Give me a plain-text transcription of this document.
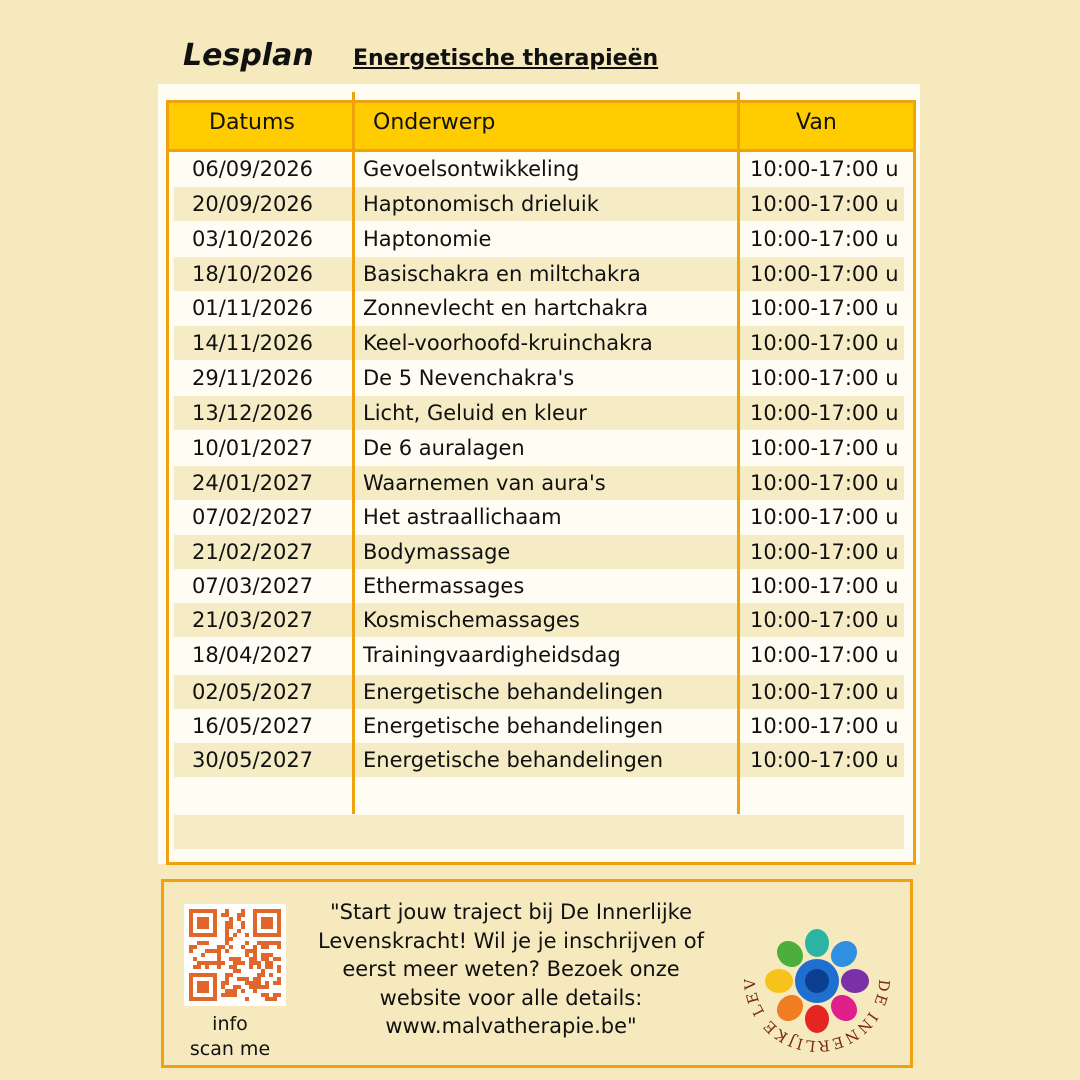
Lesplan Energetische therapieën
06/09/2026 Gevoelsontwikkeling	10:00-17:00 u
20/09/2026 Haptonomisch drieluik	10:00-17:00 u
03/10/2026 Haptonomie	10:00-17:00 u
18/10/2026 Basischakra en miltchakra	10:00-17:00 u
01/11/2026 Zonnevlecht en hartchakra	10:00-17:00 u
14/11/2026 Keel-voorhoofd-kruinchakra	10:00-17:00 u
29/11/2026 De 5 Nevenchakra's	10:00-17:00 u
13/12/2026 Licht, Geluid en kleur	10:00-17:00 u
10/01/2027 De 6 auralagen	10:00-17:00 u
24/01/2027 Waarnemen van aura's	10:00-17:00 u
07/02/2027 Het astraallichaam	10:00-17:00 u
21/02/2027 Bodymassage	10:00-17:00 u
07/03/2027 Ethermassages	10:00-17:00 u
21/03/2027 Kosmischemassages	10:00-17:00 u
18/04/2027 Trainingvaardigheidsdag	10:00-17:00 u
02/05/2027 Energetische behandelingen	10:00-17:00 u
16/05/2027 Energetische behandelingen	10:00-17:00 u
30/05/2027 Energetische behandelingen	10:00-17:00 u
Datums	Onderwerp	Van
info
scan me
"Start jouw traject bij De Innerlijke
Levenskracht! Wil je je inschrijven of
eerst meer weten? Bezoek onze
website voor alle details:
www.malvatherapie.be"
DE INNERLIJKE LEV
